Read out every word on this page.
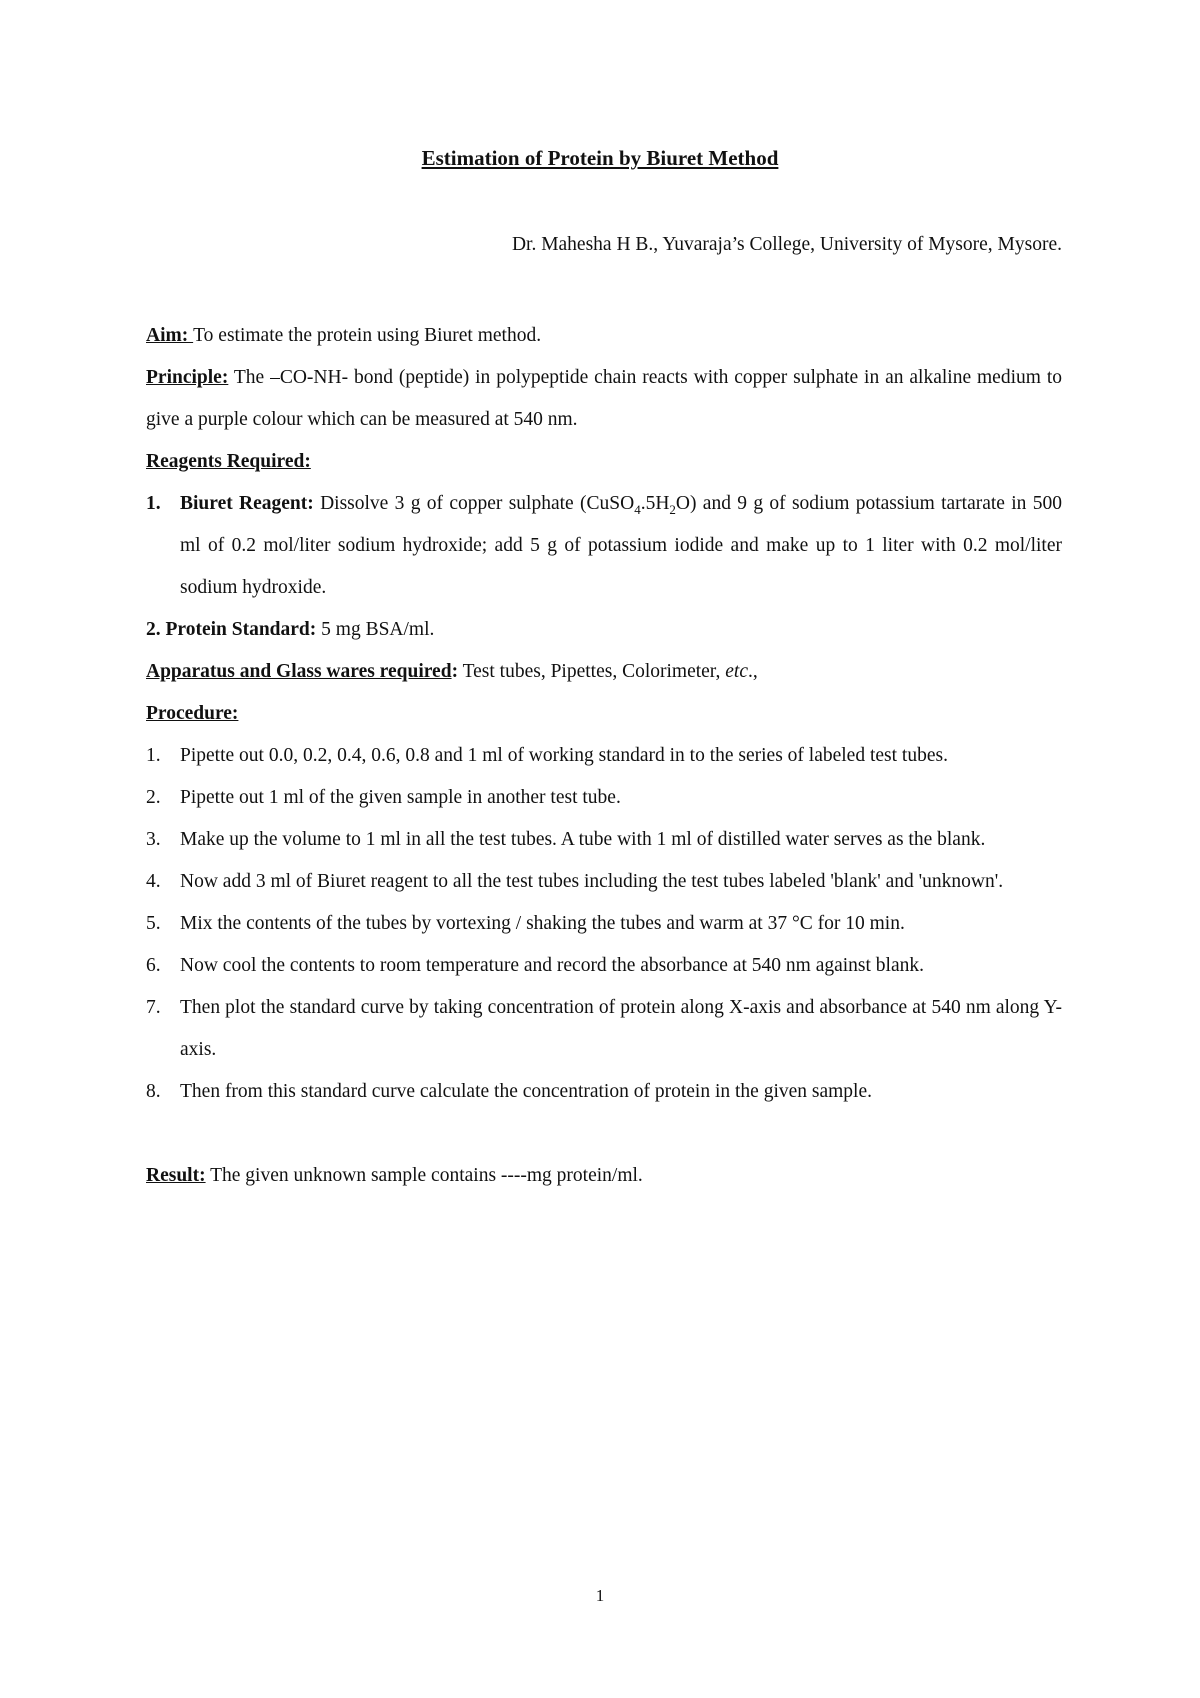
Estimation of Protein by Biuret Method
Dr. Mahesha H B., Yuvaraja’s College, University of Mysore, Mysore.

Aim: To estimate the protein using Biuret method.

Principle: The –CO-NH- bond (peptide) in polypeptide chain reacts with copper sulphate in an alkaline medium to give a purple colour which can be measured at 540 nm.

Reagents Required:

1. Biuret Reagent: Dissolve 3 g of copper sulphate $(CuSO_4.5H_2O)$ and 9 g of sodium potassium tartarate in 500 ml of 0.2 mol/liter sodium hydroxide; add 5 g of potassium iodide and make up to 1 liter with 0.2 mol/liter sodium hydroxide.

2. Protein Standard: 5 mg BSA/ml.

Apparatus and Glass wares required: Test tubes, Pipettes, Colorimeter, etc.,

Procedure:

1. Pipette out 0.0, 0.2, 0.4, 0.6, 0.8 and 1 ml of working standard in to the series of labeled test tubes.
2. Pipette out 1 ml of the given sample in another test tube.
3. Make up the volume to 1 ml in all the test tubes. A tube with 1 ml of distilled water serves as the blank.
4. Now add 3 ml of Biuret reagent to all the test tubes including the test tubes labeled 'blank' and 'unknown'.
5. Mix the contents of the tubes by vortexing / shaking the tubes and warm at 37 °C for 10 min.
6. Now cool the contents to room temperature and record the absorbance at 540 nm against blank.
7. Then plot the standard curve by taking concentration of protein along X-axis and absorbance at 540 nm along Y-axis.
8. Then from this standard curve calculate the concentration of protein in the given sample.

Result: The given unknown sample contains ----mg protein/ml.

1
